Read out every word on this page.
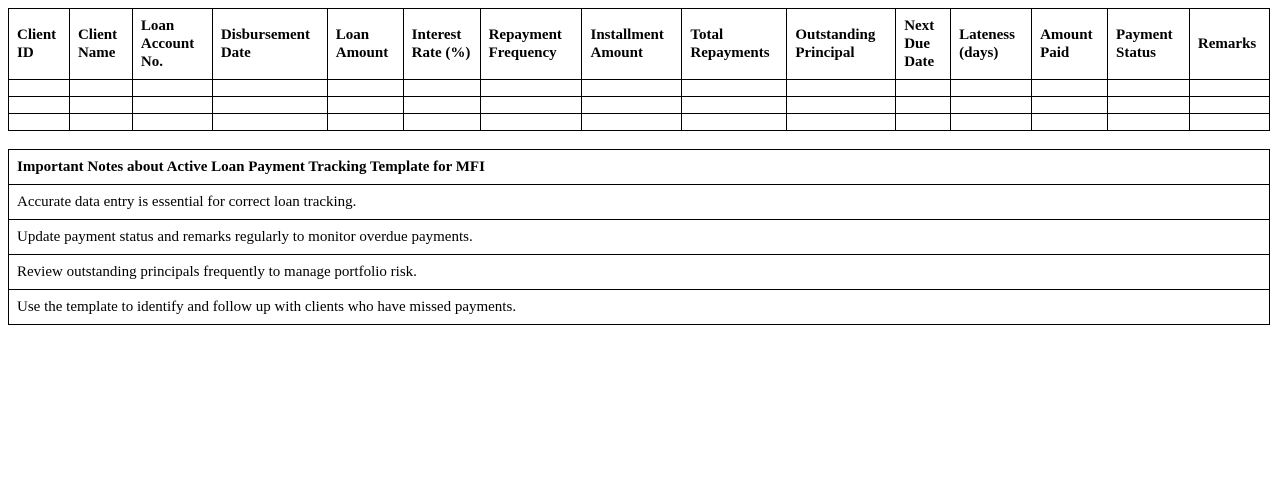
Client ID	Client Name	Loan Account No.	Disbursement Date	Loan Amount	Interest Rate (%)	Repayment Frequency	Installment Amount	Total Repayments	Outstanding Principal	Next Due Date	Lateness (days)	Amount Paid	Payment Status	Remarks

Important Notes about Active Loan Payment Tracking Template for MFI
Accurate data entry is essential for correct loan tracking.
Update payment status and remarks regularly to monitor overdue payments.
Review outstanding principals frequently to manage portfolio risk.
Use the template to identify and follow up with clients who have missed payments.
